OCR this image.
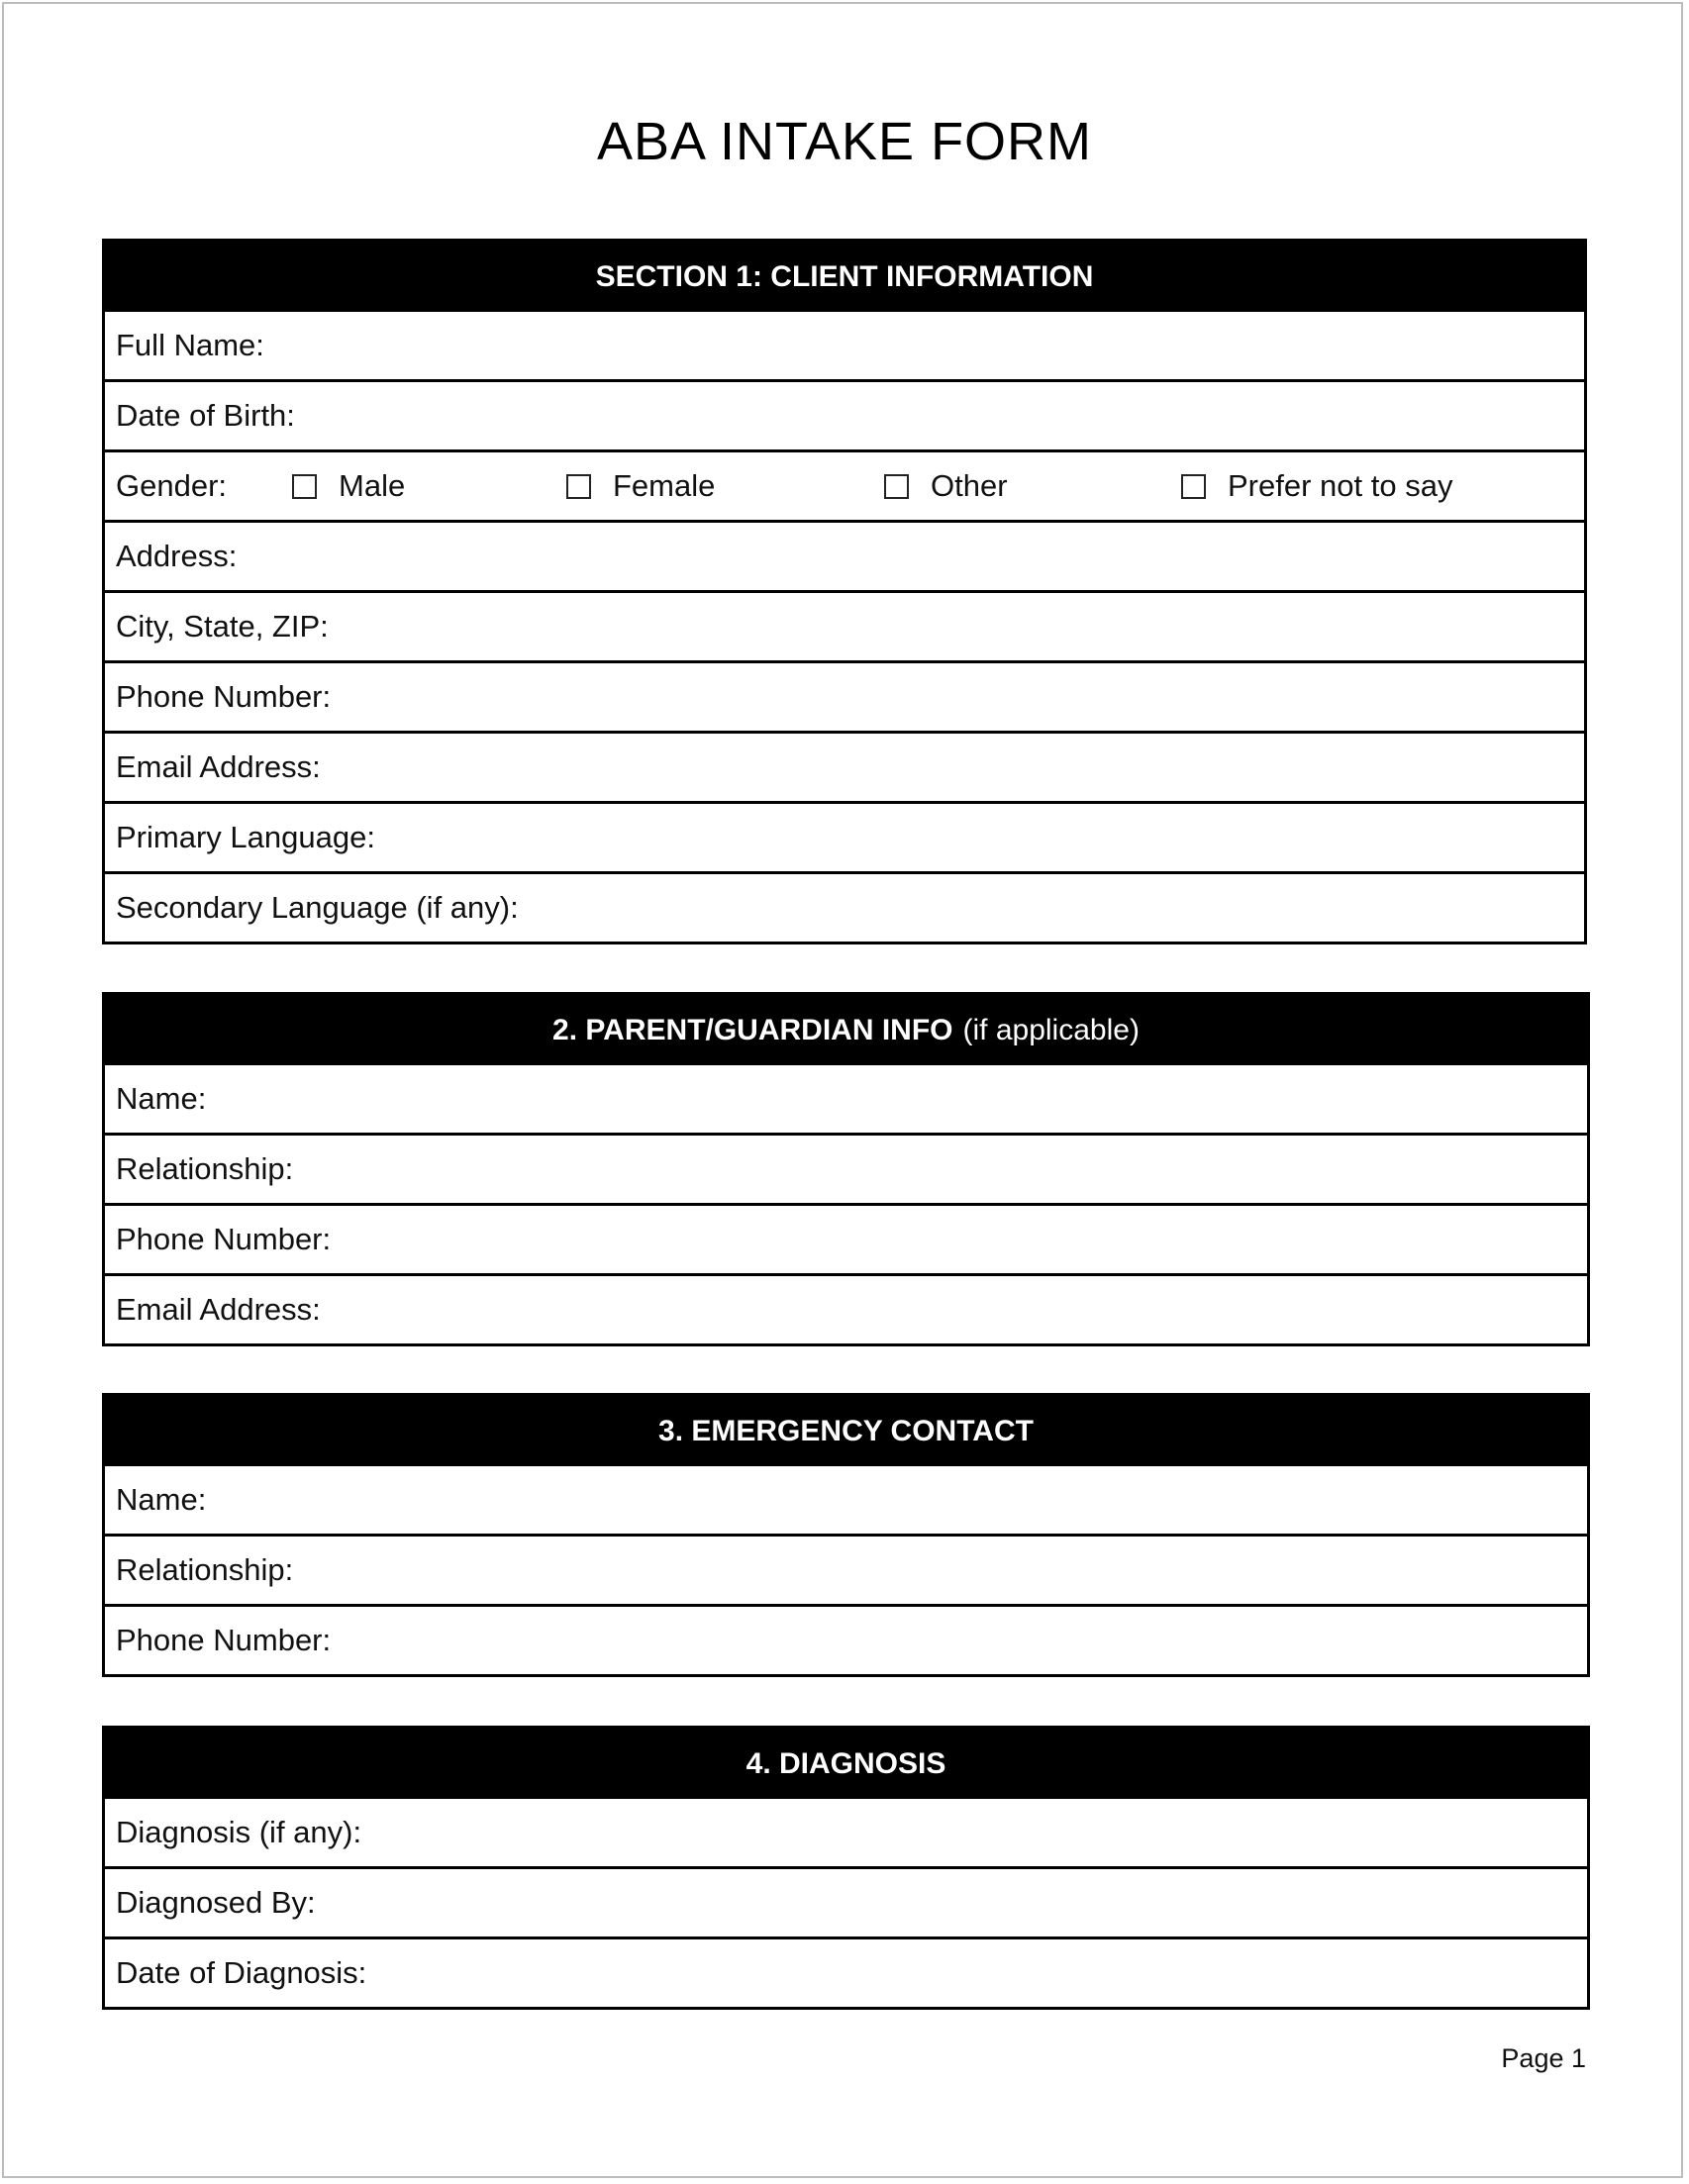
ABA INTAKE FORM
SECTION 1: CLIENT INFORMATION
Full Name:
Date of Birth:
Gender:	Male	Female	Other	Prefer not to say
Address:
City, State, ZIP:
Phone Number:
Email Address:
Primary Language:
Secondary Language (if any):
2. PARENT/GUARDIAN INFO (if applicable)
Name:
Relationship:
Phone Number:
Email Address:
3. EMERGENCY CONTACT
Name:
Relationship:
Phone Number:
4. DIAGNOSIS
Diagnosis (if any):
Diagnosed By:
Date of Diagnosis:
Page 1
